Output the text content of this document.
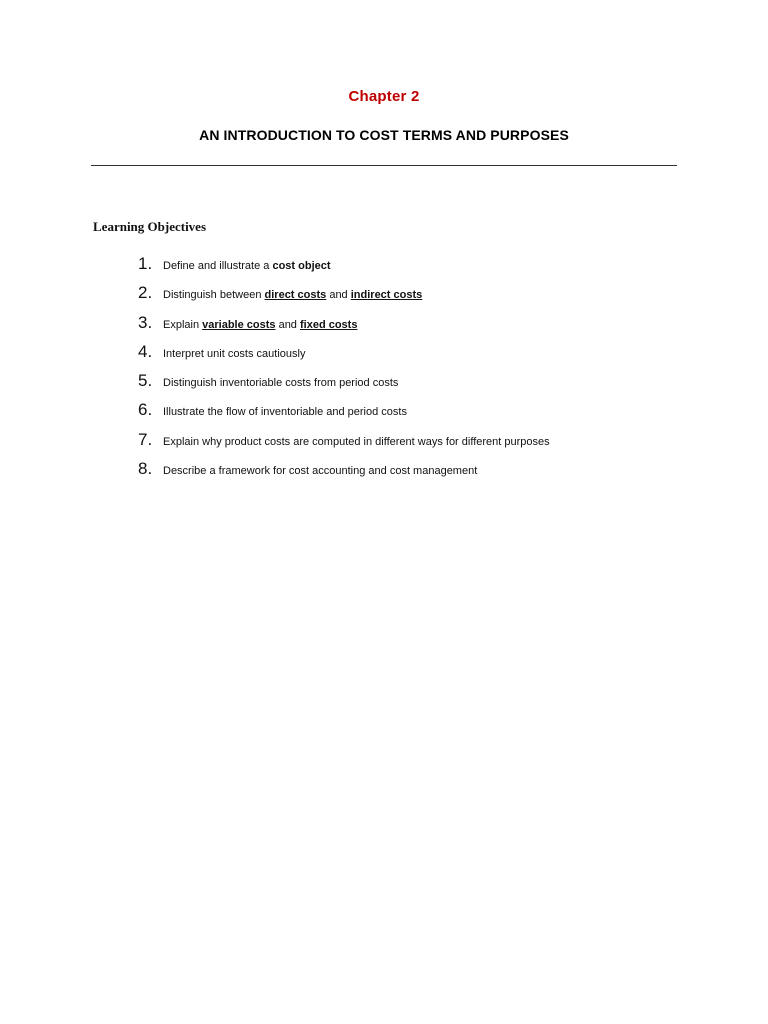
Chapter 2
AN INTRODUCTION TO COST TERMS AND PURPOSES
Learning Objectives
1. Define and illustrate a cost object
2. Distinguish between direct costs and indirect costs
3. Explain variable costs and fixed costs
4. Interpret unit costs cautiously
5. Distinguish inventoriable costs from period costs
6. Illustrate the flow of inventoriable and period costs
7. Explain why product costs are computed in different ways for different purposes
8. Describe a framework for cost accounting and cost management
